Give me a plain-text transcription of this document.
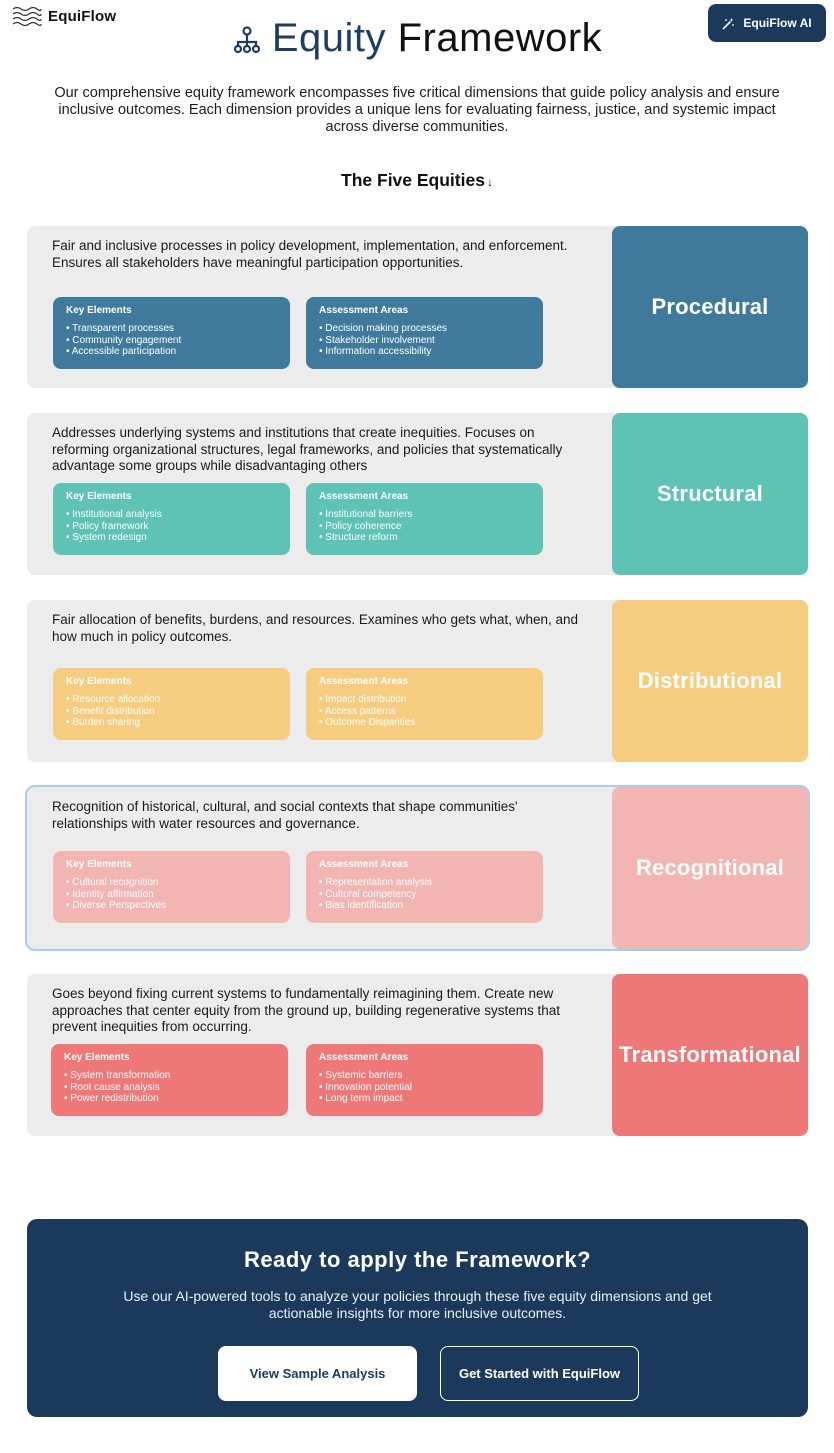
EquiFlow	EquiFlow AI
Equity Framework

Our comprehensive equity framework encompasses five critical dimensions that guide policy analysis and ensure inclusive outcomes. Each dimension provides a unique lens for evaluating fairness, justice, and systemic impact across diverse communities.

The Five Equities ↓

Fair and inclusive processes in policy development, implementation, and enforcement. Ensures all stakeholders have meaningful participation opportunities.

Key Elements
• Transparent processes
• Community engagement
• Accessible participation
Assessment Areas
• Decision making processes
• Stakeholder involvement
• Information accessibility
Procedural

Addresses underlying systems and institutions that create inequities. Focuses on reforming organizational structures, legal frameworks, and policies that systematically advantage some groups while disadvantaging others

Key Elements
• Institutional analysis
• Policy framework
• System redesign
Assessment Areas
• Institutional barriers
• Policy coherence
• Structure reform
Structural

Fair allocation of benefits, burdens, and resources. Examines who gets what, when, and how much in policy outcomes.

Key Elements
• Resource allocation
• Benefit distribution
• Burden sharing
Assessment Areas
• Impact distribution
• Access patterns
• Outcome Disparities
Distributional

Recognition of historical, cultural, and social contexts that shape communities' relationships with water resources and governance.

Key Elements
• Cultural recognition
• Identity affirmation
• Diverse Perspectives
Assessment Areas
• Representation analysis
• Cultural competency
• Bias identification
Recognitional

Goes beyond fixing current systems to fundamentally reimagining them. Create new approaches that center equity from the ground up, building regenerative systems that prevent inequities from occurring.

Key Elements
• System transformation
• Root cause analysis
• Power redistribution
Assessment Areas
• Systemic barriers
• Innovation potential
• Long term impact
Transformational
Ready to apply the Framework?

Use our AI-powered tools to analyze your policies through these five equity dimensions and get actionable insights for more inclusive outcomes.

View Sample Analysis	Get Started with EquiFlow
